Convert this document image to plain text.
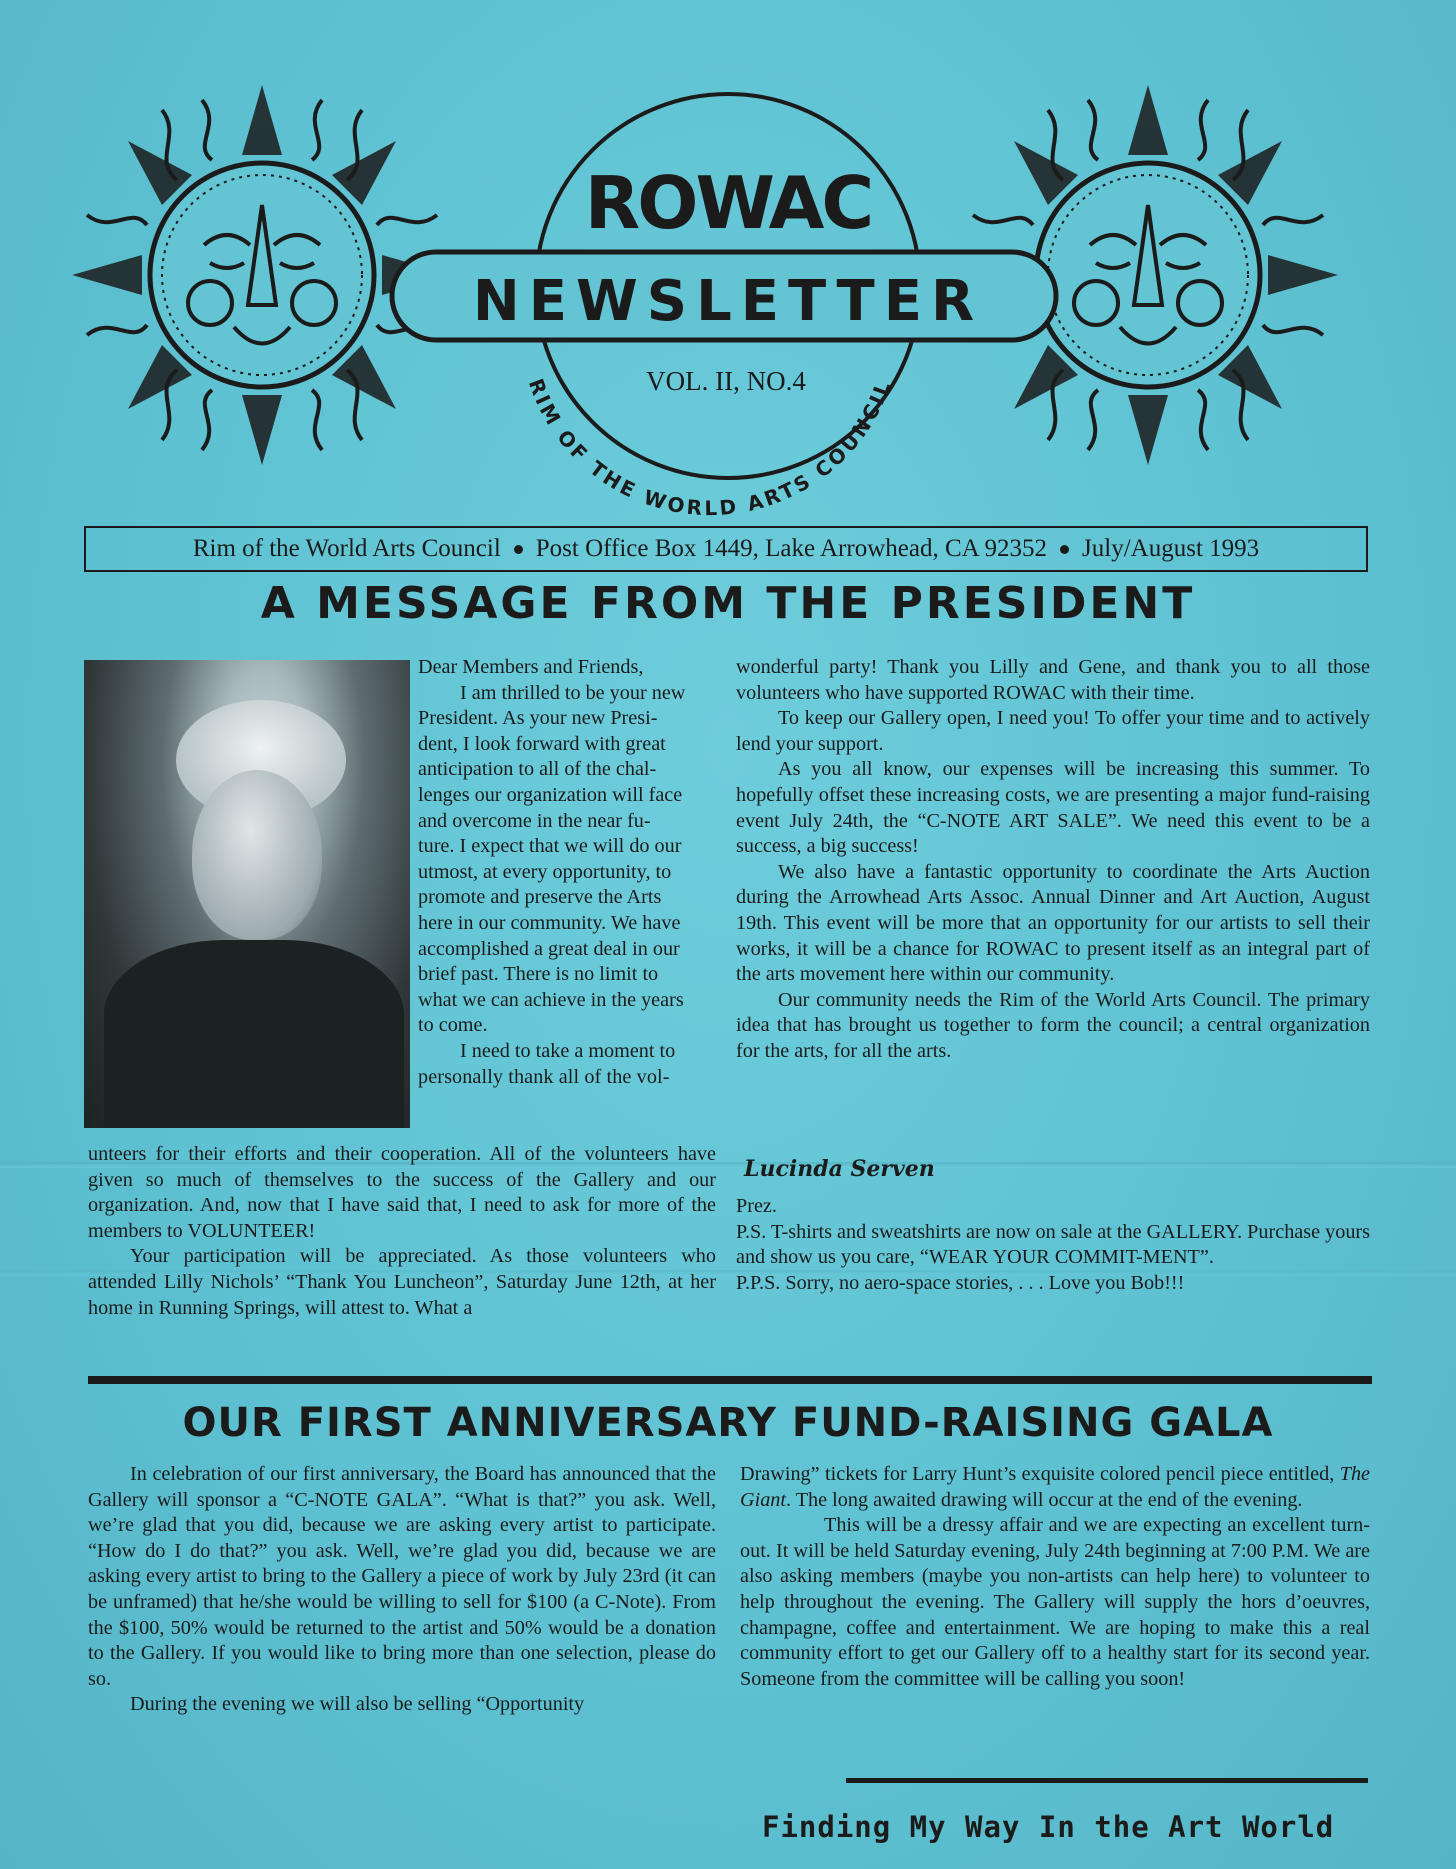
ROWAC
NEWSLETTER
VOL. II, NO.4
RIM OF THE WORLD ARTS COUNCIL
Rim of the World Arts Council Post Office Box 1449, Lake Arrowhead, CA 92352 July/August 1993
A MESSAGE FROM THE PRESIDENT
Dear Members and Friends,
I am thrilled to be your new
President. As your new Presi-
dent, I look forward with great
anticipation to all of the chal-
lenges our organization will face
and overcome in the near fu-
ture. I expect that we will do our
utmost, at every opportunity, to
promote and preserve the Arts
here in our community. We have
accomplished a great deal in our
brief past. There is no limit to
what we can achieve in the years
to come.
I need to take a moment to
personally thank all of the vol-

unteers for their efforts and their cooperation. All of the volunteers have given so much of themselves to the success of the Gallery and our organization. And, now that I have said that, I need to ask for more of the members to VOLUNTEER!

Your participation will be appreciated. As those volunteers who attended Lilly Nichols’ “Thank You Luncheon”, Saturday June 12th, at her home in Running Springs, will attest to. What a

wonderful party! Thank you Lilly and Gene, and thank you to all those volunteers who have supported ROWAC with their time.

To keep our Gallery open, I need you! To offer your time and to actively lend your support.

As you all know, our expenses will be increasing this summer. To hopefully offset these increasing costs, we are presenting a major fund-raising event July 24th, the “C-NOTE ART SALE”. We need this event to be a success, a big success!

We also have a fantastic opportunity to coordinate the Arts Auction during the Arrowhead Arts Assoc. Annual Dinner and Art Auction, August 19th. This event will be more that an opportunity for our artists to sell their works, it will be a chance for ROWAC to present itself as an integral part of the arts movement here within our community.

Our community needs the Rim of the World Arts Council. The primary idea that has brought us together to form the council; a central organization for the arts, for all the arts.

Lucinda Serven

Prez.

P.S. T-shirts and sweatshirts are now on sale at the GALLERY. Purchase yours and show us you care, “WEAR YOUR COMMIT-MENT”.

P.P.S. Sorry, no aero-space stories, . . . Love you Bob!!!

OUR FIRST ANNIVERSARY FUND-RAISING GALA

In celebration of our first anniversary, the Board has announced that the Gallery will sponsor a “C-NOTE GALA”. “What is that?” you ask. Well, we’re glad that you did, because we are asking every artist to participate. “How do I do that?” you ask. Well, we’re glad you did, because we are asking every artist to bring to the Gallery a piece of work by July 23rd (it can be unframed) that he/she would be willing to sell for $100 (a C-Note). From the $100, 50% would be returned to the artist and 50% would be a donation to the Gallery. If you would like to bring more than one selection, please do so.

During the evening we will also be selling “Opportunity

Drawing” tickets for Larry Hunt’s exquisite colored pencil piece entitled, The Giant. The long awaited drawing will occur at the end of the evening.

This will be a dressy affair and we are expecting an excellent turn-out. It will be held Saturday evening, July 24th beginning at 7:00 P.M. We are also asking members (maybe you non-artists can help here) to volunteer to help throughout the evening. The Gallery will supply the hors d’oeuvres, champagne, coffee and entertainment. We are hoping to make this a real community effort to get our Gallery off to a healthy start for its second year. Someone from the committee will be calling you soon!

Finding My Way In the Art World
